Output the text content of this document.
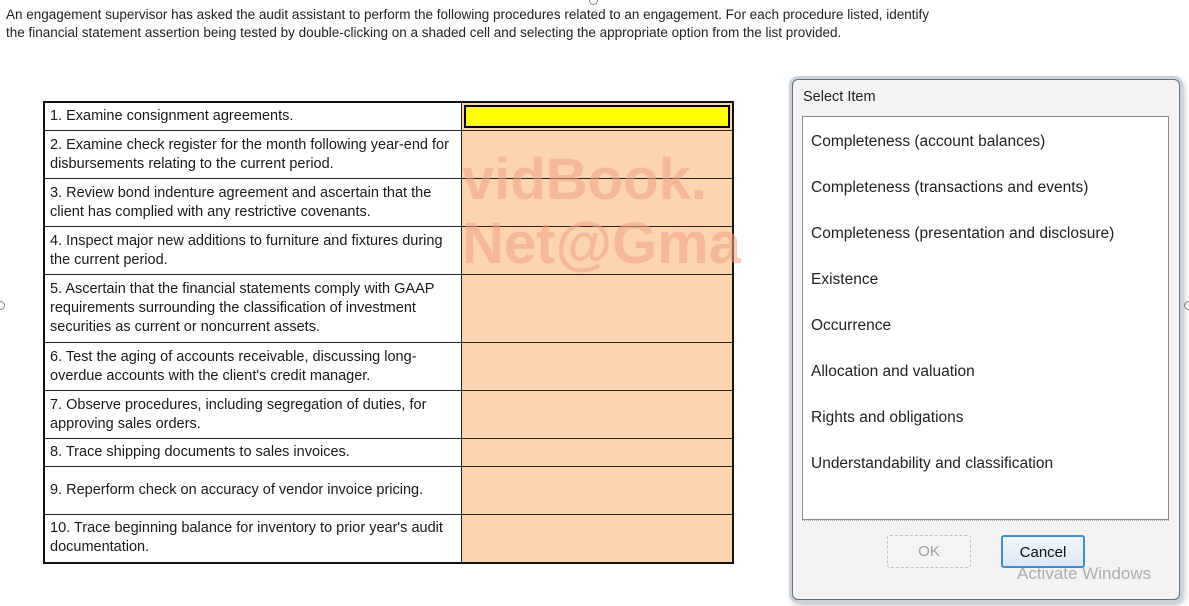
An engagement supervisor has asked the audit assistant to perform the following procedures related to an engagement. For each procedure listed, identify
the financial statement assertion being tested by double-clicking on a shaded cell and selecting the appropriate option from the list provided.
1. Examine consignment agreements.	

2. Examine check register for the month following year-end for disbursements relating to the current period.	
3. Review bond indenture agreement and ascertain that the client has complied with any restrictive covenants.	
4. Inspect major new additions to furniture and fixtures during the current period.	
5. Ascertain that the financial statements comply with GAAP requirements surrounding the classification of investment securities as current or noncurrent assets.	
6. Test the aging of accounts receivable, discussing long-overdue accounts with the client's credit manager.	
7. Observe procedures, including segregation of duties, for approving sales orders.	
8. Trace shipping documents to sales invoices.	
9. Reperform check on accuracy of vendor invoice pricing.	
10. Trace beginning balance for inventory to prior year's audit documentation.	
vidBook.
Net@Gma
Select Item
Completeness (account balances)
Completeness (transactions and events)
Completeness (presentation and disclosure)
Existence
Occurrence
Allocation and valuation
Rights and obligations
Understandability and classification
OK	Cancel
Activate Windows
